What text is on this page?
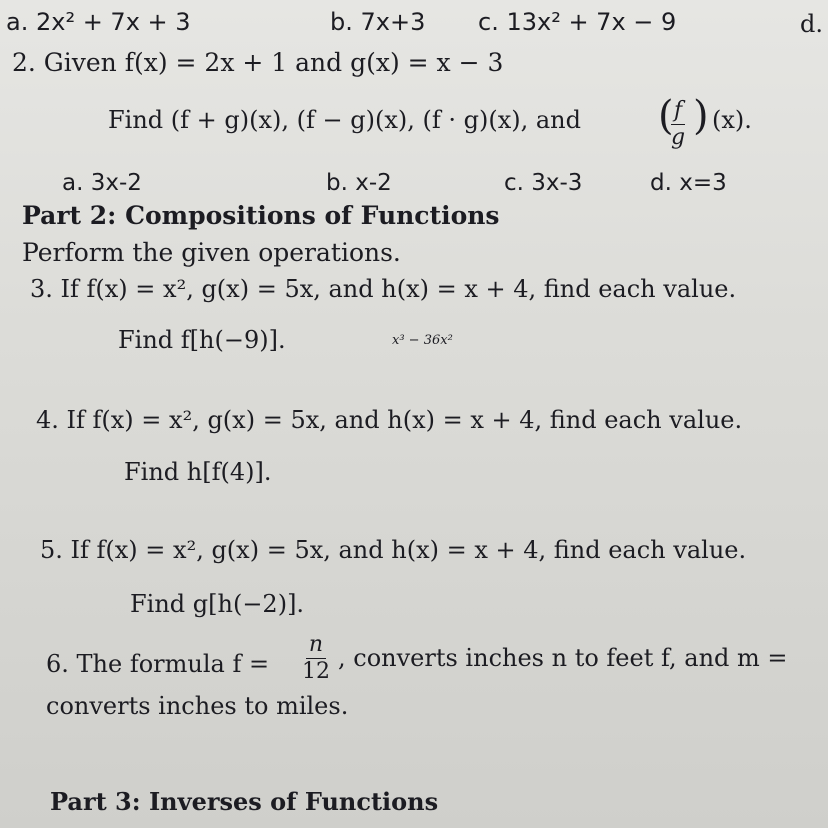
a. 2x² + 7x + 3	b. 7x+3 c. 13x² + 7x − 9	d.
2. Given f(x) = 2x + 1 and g(x) = x − 3
Find (f + g)(x), (f − g)(x), (f · g)(x), and (
$\frac{f}{g}$ ) (x).
a. 3x-2	b. x-2	c. 3x-3	d. x=3
Part 2: Compositions of Functions
Perform the given operations.
3. If f(x) = x², g(x) = 5x, and h(x) = x + 4, find each value.
Find f[h(−9)].	x³ − 36x²
4. If f(x) = x², g(x) = 5x, and h(x) = x + 4, find each value.
Find h[f(4)].
5. If f(x) = x², g(x) = 5x, and h(x) = x + 4, find each value.
Find g[h(−2)].
6. The formula $f = \frac{n}{12}$ , converts inches n to feet f, and m =
converts inches to miles.
Part 3: Inverses of Functions
